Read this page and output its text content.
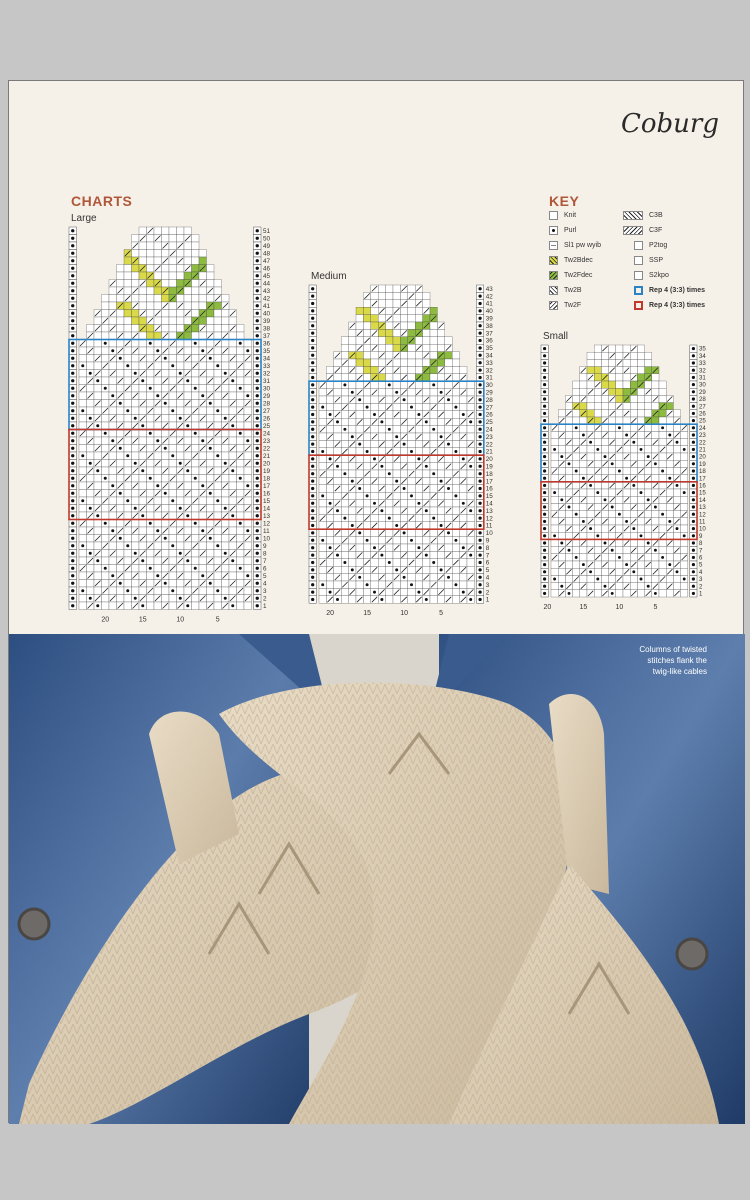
Coburg
CHARTS
Large
Medium
Small
51
50
49
48
47
46
45
44
43
42
41
40
39
38
37
36
35
34
33
32
31
30
29
28
27
26
25
24
23
22
21
20
19
18
17
16
15
14
13
12
11
10
9
8
7
6
5
4
3
2
1
20	15	10	5
43
42
41
40
39
38
37
36
35
34
33
32
31
30
29
28
27
26
25
24
23
22
21
20
19
18
17
16
15
14
13
12
11
10
9
8
7
6
5
4
3
2
1
20	15	10	5
35
34
33
32
31
30
29
28
27
26
25
24
23
22
21
20
19
18
17
16
15
14
13
12
11
10
9
8
7
6
5
4
3
2
1
20	15	10	5
KEY
Knit
Purl
Sl1 pw wyib
Tw2Bdec
Tw2Fdec
Tw2B
Tw2F
C3B
C3F
P2tog
SSP
S2kpo
Rep 4 (3:3) times
Rep 4 (3:3) times
Columns of twisted
stitches flank the
twig-like cables
